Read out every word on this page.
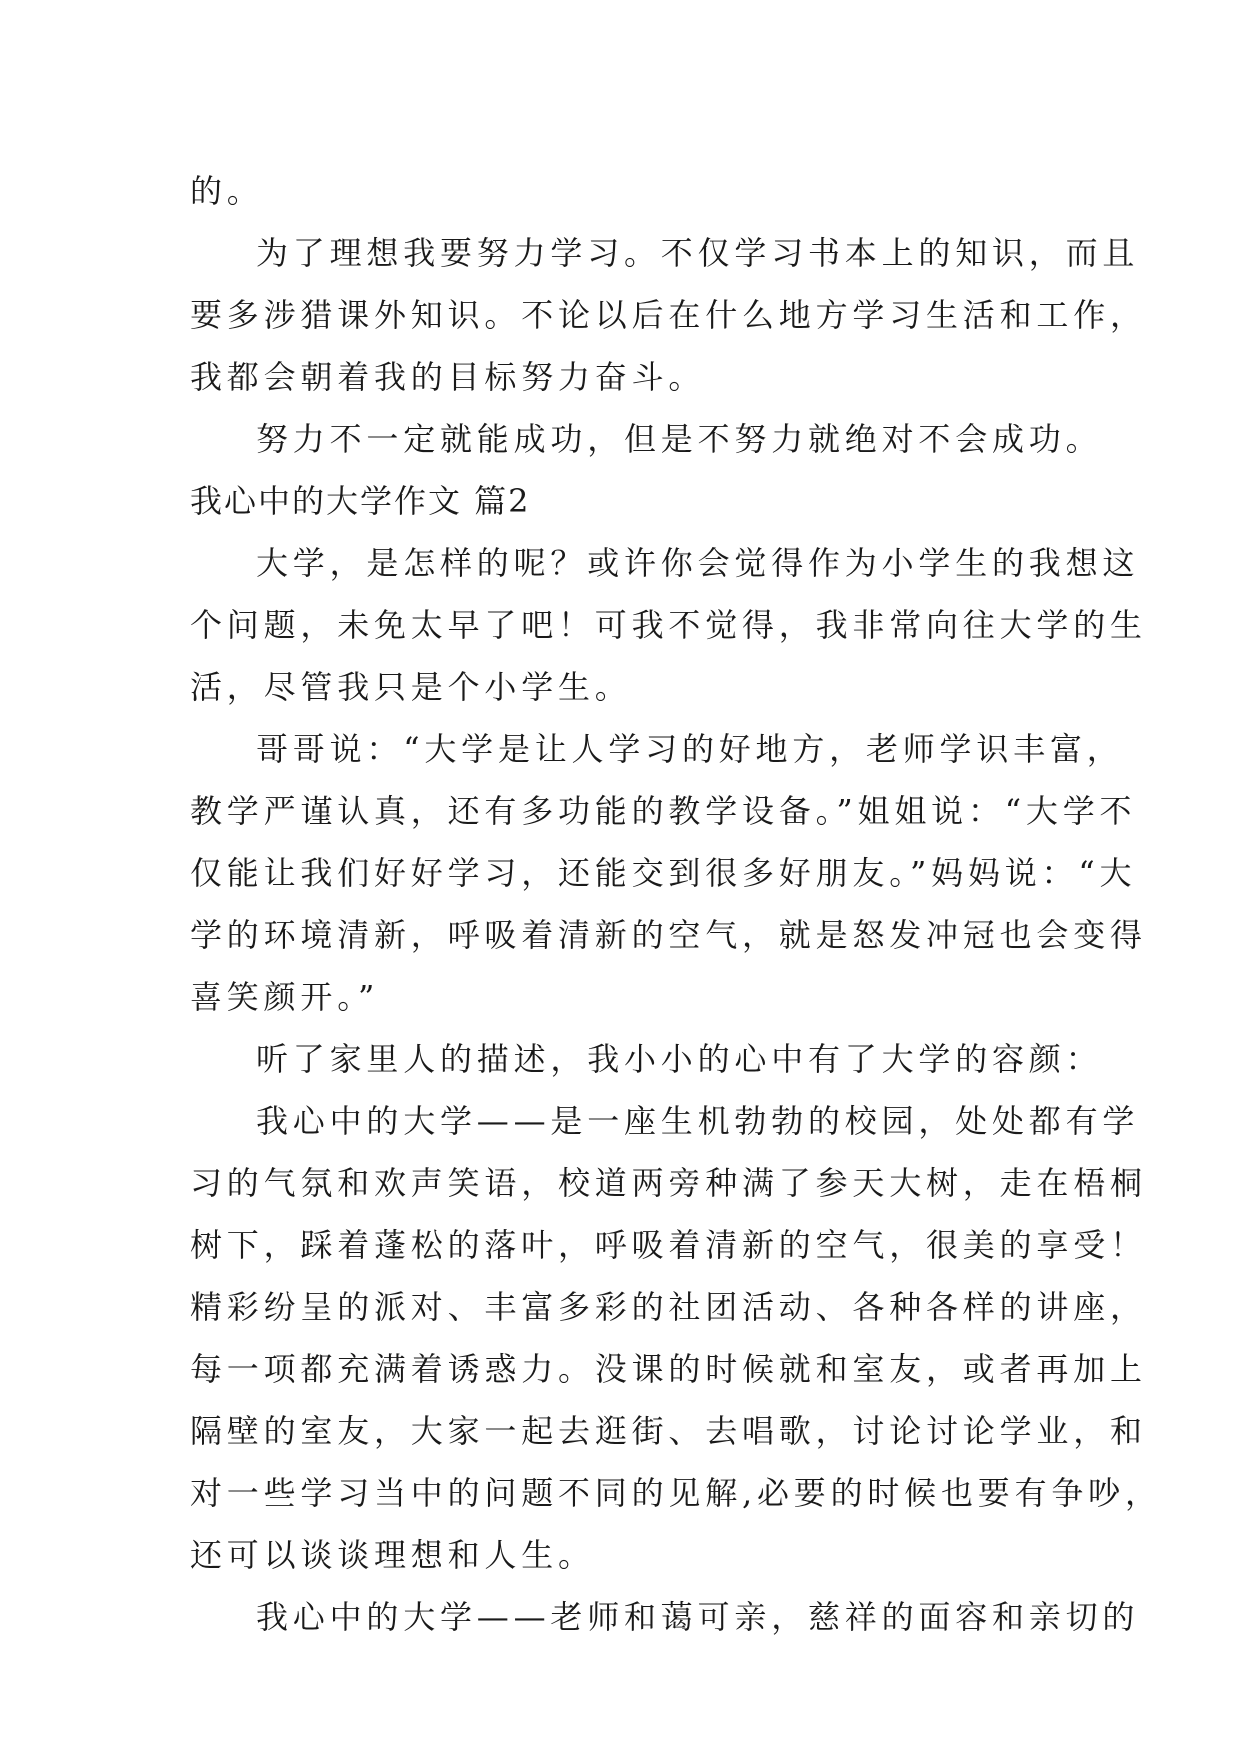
的。
为了理想我要努力学习。不仅学习书本上的知识，而且
要多涉猎课外知识。不论以后在什么地方学习生活和工作，
我都会朝着我的目标努力奋斗。
努力不一定就能成功，但是不努力就绝对不会成功。
我心中的大学作文 篇2
大学，是怎样的呢？或许你会觉得作为小学生的我想这
个问题，未免太早了吧！可我不觉得，我非常向往大学的生
活，尽管我只是个小学生。
哥哥说：“大学是让人学习的好地方，老师学识丰富，
教学严谨认真，还有多功能的教学设备。”姐姐说：“大学不
仅能让我们好好学习，还能交到很多好朋友。”妈妈说：“大
学的环境清新，呼吸着清新的空气，就是怒发冲冠也会变得
喜笑颜开。”
听了家里人的描述，我小小的心中有了大学的容颜：
我心中的大学——是一座生机勃勃的校园，处处都有学
习的气氛和欢声笑语，校道两旁种满了参天大树，走在梧桐
树下，踩着蓬松的落叶，呼吸着清新的空气，很美的享受！
精彩纷呈的派对、丰富多彩的社团活动、各种各样的讲座，
每一项都充满着诱惑力。没课的时候就和室友，或者再加上
隔壁的室友，大家一起去逛街、去唱歌，讨论讨论学业，和
对一些学习当中的问题不同的见解,必要的时候也要有争吵，
还可以谈谈理想和人生。
我心中的大学——老师和蔼可亲，慈祥的面容和亲切的
